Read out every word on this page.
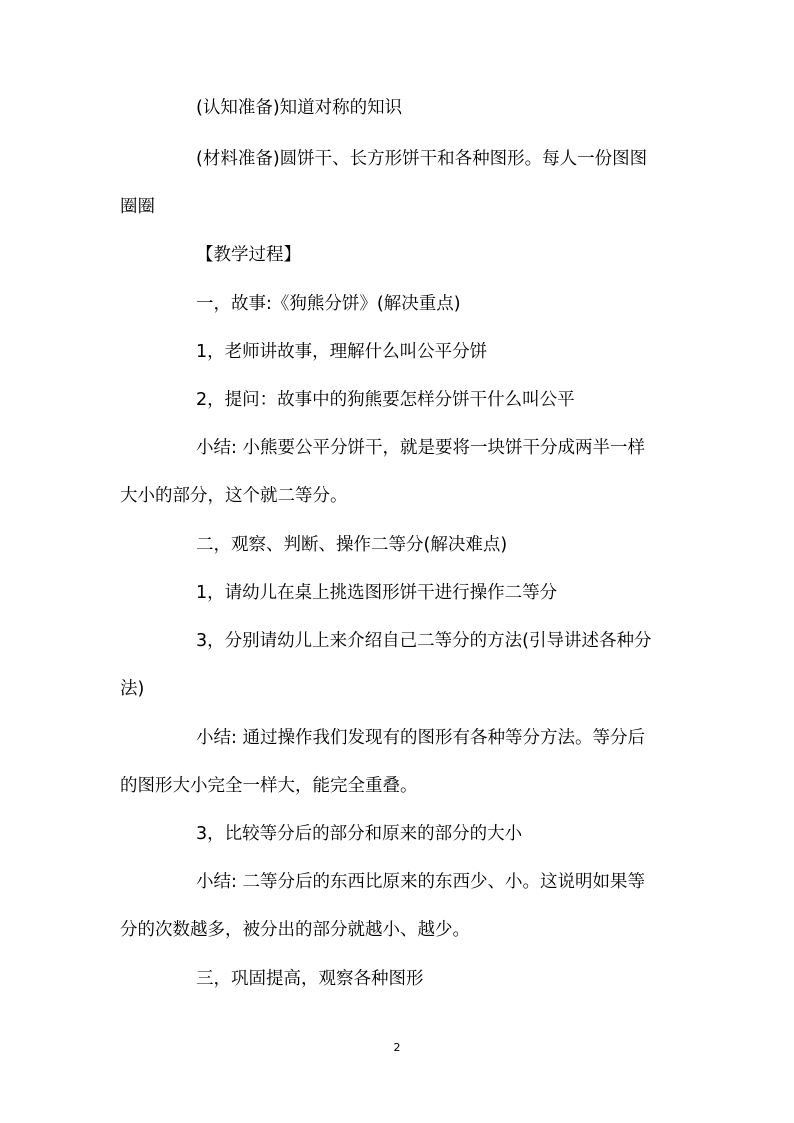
(认知准备)知道对称的知识
(材料准备)圆饼干、长方形饼干和各种图形。每人一份图图
圈圈
【教学过程】
一，故事:《狗熊分饼》(解决重点)
1，老师讲故事，理解什么叫公平分饼
2，提问：故事中的狗熊要怎样分饼干什么叫公平
小结: 小熊要公平分饼干，就是要将一块饼干分成两半一样
大小的部分，这个就二等分。
二，观察、判断、操作二等分(解决难点)
1，请幼儿在桌上挑选图形饼干进行操作二等分
3，分别请幼儿上来介绍自己二等分的方法(引导讲述各种分
法)
小结: 通过操作我们发现有的图形有各种等分方法。等分后
的图形大小完全一样大，能完全重叠。
3，比较等分后的部分和原来的部分的大小
小结: 二等分后的东西比原来的东西少、小。这说明如果等
分的次数越多，被分出的部分就越小、越少。
三，巩固提高，观察各种图形
2
